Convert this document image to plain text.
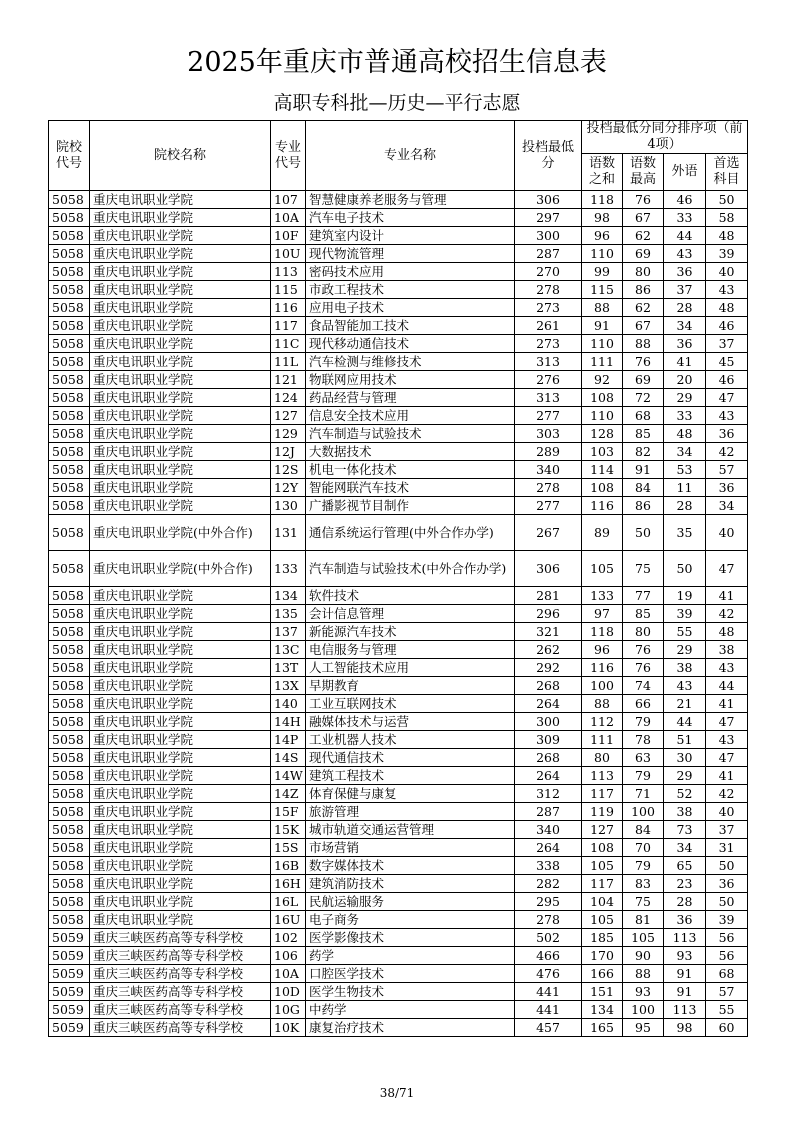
2025年重庆市普通高校招生信息表
高职专科批—历史—平行志愿
院校代号	院校名称	专业代号	专业名称	投档最低分	投档最低分同分排序项（前4项）			
					语数之和	语数最高	外语	首选科目
5058	重庆电讯职业学院	107	智慧健康养老服务与管理	306	118	76	46	50
5058	重庆电讯职业学院	10A	汽车电子技术	297	98	67	33	58
5058	重庆电讯职业学院	10F	建筑室内设计	300	96	62	44	48
5058	重庆电讯职业学院	10U	现代物流管理	287	110	69	43	39
5058	重庆电讯职业学院	113	密码技术应用	270	99	80	36	40
5058	重庆电讯职业学院	115	市政工程技术	278	115	86	37	43
5058	重庆电讯职业学院	116	应用电子技术	273	88	62	28	48
5058	重庆电讯职业学院	117	食品智能加工技术	261	91	67	34	46
5058	重庆电讯职业学院	11C	现代移动通信技术	273	110	88	36	37
5058	重庆电讯职业学院	11L	汽车检测与维修技术	313	111	76	41	45
5058	重庆电讯职业学院	121	物联网应用技术	276	92	69	20	46
5058	重庆电讯职业学院	124	药品经营与管理	313	108	72	29	47
5058	重庆电讯职业学院	127	信息安全技术应用	277	110	68	33	43
5058	重庆电讯职业学院	129	汽车制造与试验技术	303	128	85	48	36
5058	重庆电讯职业学院	12J	大数据技术	289	103	82	34	42
5058	重庆电讯职业学院	12S	机电一体化技术	340	114	91	53	57
5058	重庆电讯职业学院	12Y	智能网联汽车技术	278	108	84	11	36
5058	重庆电讯职业学院	130	广播影视节目制作	277	116	86	28	34
5058	重庆电讯职业学院(中外合作)	131	通信系统运行管理(中外合作办学)	267	89	50	35	40
5058	重庆电讯职业学院(中外合作)	133	汽车制造与试验技术(中外合作办学)	306	105	75	50	47
5058	重庆电讯职业学院	134	软件技术	281	133	77	19	41
5058	重庆电讯职业学院	135	会计信息管理	296	97	85	39	42
5058	重庆电讯职业学院	137	新能源汽车技术	321	118	80	55	48
5058	重庆电讯职业学院	13C	电信服务与管理	262	96	76	29	38
5058	重庆电讯职业学院	13T	人工智能技术应用	292	116	76	38	43
5058	重庆电讯职业学院	13X	早期教育	268	100	74	43	44
5058	重庆电讯职业学院	140	工业互联网技术	264	88	66	21	41
5058	重庆电讯职业学院	14H	融媒体技术与运营	300	112	79	44	47
5058	重庆电讯职业学院	14P	工业机器人技术	309	111	78	51	43
5058	重庆电讯职业学院	14S	现代通信技术	268	80	63	30	47
5058	重庆电讯职业学院	14W	建筑工程技术	264	113	79	29	41
5058	重庆电讯职业学院	14Z	体育保健与康复	312	117	71	52	42
5058	重庆电讯职业学院	15F	旅游管理	287	119	100	38	40
5058	重庆电讯职业学院	15K	城市轨道交通运营管理	340	127	84	73	37
5058	重庆电讯职业学院	15S	市场营销	264	108	70	34	31
5058	重庆电讯职业学院	16B	数字媒体技术	338	105	79	65	50
5058	重庆电讯职业学院	16H	建筑消防技术	282	117	83	23	36
5058	重庆电讯职业学院	16L	民航运输服务	295	104	75	28	50
5058	重庆电讯职业学院	16U	电子商务	278	105	81	36	39
5059	重庆三峡医药高等专科学校	102	医学影像技术	502	185	105	113	56
5059	重庆三峡医药高等专科学校	106	药学	466	170	90	93	56
5059	重庆三峡医药高等专科学校	10A	口腔医学技术	476	166	88	91	68
5059	重庆三峡医药高等专科学校	10D	医学生物技术	441	151	93	91	57
5059	重庆三峡医药高等专科学校	10G	中药学	441	134	100	113	55
5059	重庆三峡医药高等专科学校	10K	康复治疗技术	457	165	95	98	60
38/71
